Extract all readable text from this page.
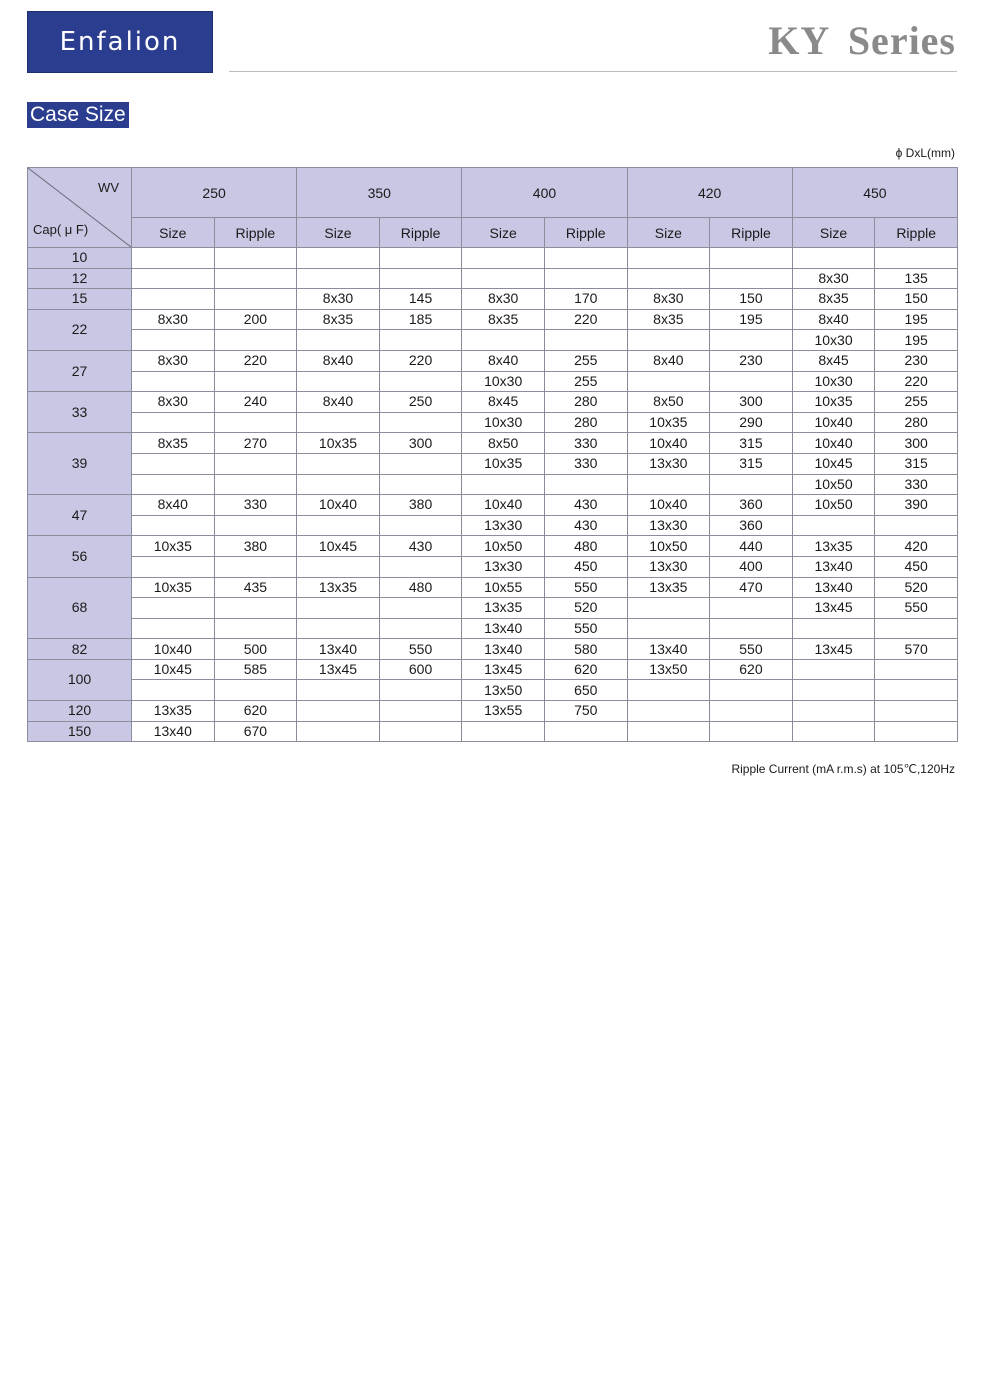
Enfalion	KY Series
Case Size
ϕ DxL(mm)
WV
Cap( μ F)	250		350		400		420		450	
	Size	Ripple	Size	Ripple	Size	Ripple	Size	Ripple	Size	Ripple
10										
12									8x30	135
15			8x30	145	8x30	170	8x30	150	8x35	150
22	8x30	200	8x35	185	8x35	220	8x35	195	8x40	195
									10x30	195
27	8x30	220	8x40	220	8x40	255	8x40	230	8x45	230
					10x30	255			10x30	220
33	8x30	240	8x40	250	8x45	280	8x50	300	10x35	255
					10x30	280	10x35	290	10x40	280
39	8x35	270	10x35	300	8x50	330	10x40	315	10x40	300
					10x35	330	13x30	315	10x45	315
									10x50	330
47	8x40	330	10x40	380	10x40	430	10x40	360	10x50	390
					13x30	430	13x30	360		
56	10x35	380	10x45	430	10x50	480	10x50	440	13x35	420
					13x30	450	13x30	400	13x40	450
68	10x35	435	13x35	480	10x55	550	13x35	470	13x40	520
					13x35	520			13x45	550
					13x40	550				
82	10x40	500	13x40	550	13x40	580	13x40	550	13x45	570
100	10x45	585	13x45	600	13x45	620	13x50	620		
					13x50	650				
120	13x35	620			13x55	750				
150	13x40	670								
Ripple Current (mA r.m.s) at 105℃,120Hz
